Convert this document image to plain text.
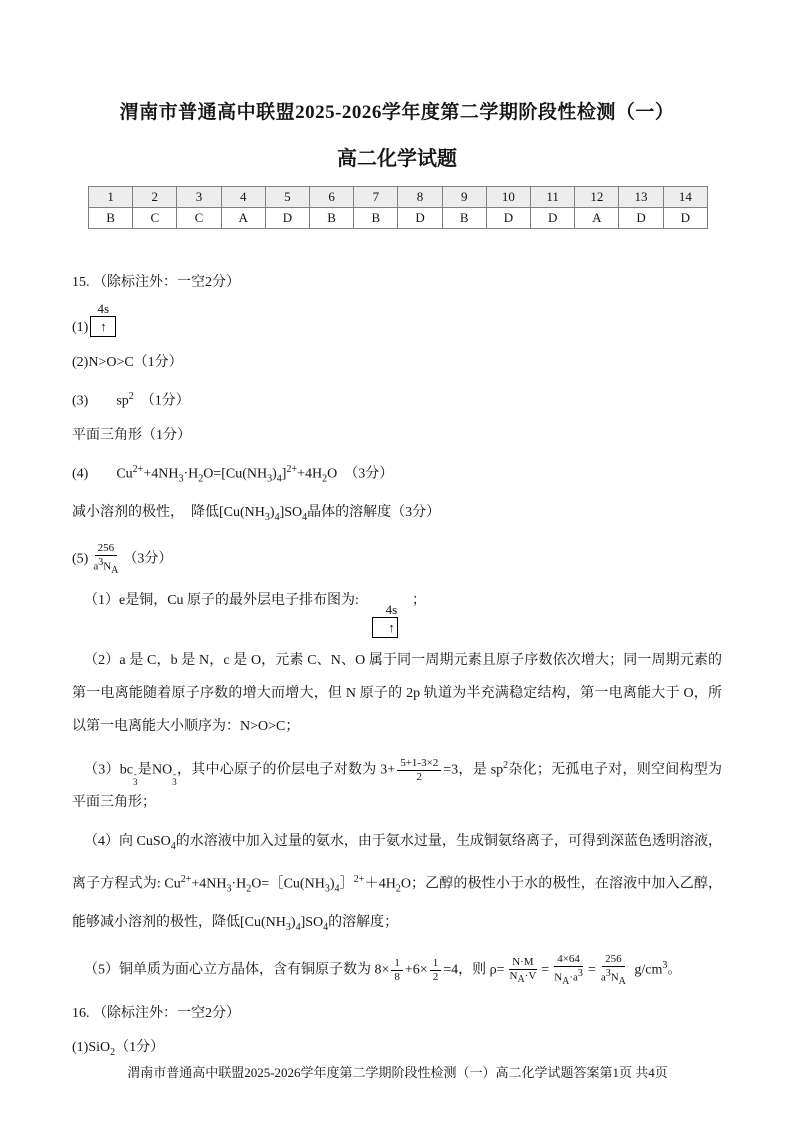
渭南市普通高中联盟2025-2026学年度第二学期阶段性检测（一）
高二化学试题
1	2	3	4	5	6	7	8	9	10	11	12	13	14
B	C	C	A	D	B	B	D	B	D	D	A	D	D

15. （除标注外：一空2分）

(1)
4s
↑

(2)N>O>C（1分）

(3)　　$sp^2$　（1分）

平面三角形（1分）

(4)　　$Cu^{2+}+4NH_3\cdot H_2O=[Cu(NH_3)_4]^{2+}+4H_2O$　（3分）

减小溶剂的极性，　降低$[Cu(NH_3)_4]SO_4$晶体的溶解度（3分）

$(5) \frac{256}{a^3N_A} (3$分）

（1）e是铜，Cu 原子的最外层电子排布图为:
4s
↑
；

（2）a 是 C，b 是 N，c 是 O，元素 C、N、O 属于同一周期元素且原子序数依次增大；同一周期元素的第一电离能随着原子序数的增大而增大，但 N 原子的 2p 轨道为半充满稳定结构，第一电离能大于 O，所以第一电离能大小顺序为：N>O>C；

（3）bc -
3
是NO -
3
，其中心原子的价层电子对数为 $3+ \frac{5+1-3\times 2}{2} =3$，是 $sp^2$杂化；无孤电子对，则空间构型为平面三角形；

（4）向 CuSO$_4$的水溶液中加入过量的氨水，由于氨水过量，生成铜氨络离子，可得到深蓝色透明溶液，离子方程式为: $Cu^{2+}+4NH_3\cdot H_2O=[Cu(NH_3)_4]^{2+}+4H_2O$；乙醇的极性小于水的极性，在溶液中加入乙醇，能够减小溶剂的极性，降低$[Cu(NH_3)_4]SO_4$的溶解度；

（5）铜单质为面心立方晶体，含有铜原子数为 $8\times \frac{1}{8} +6\times \frac{1}{2} =4$，则 $\rho= \frac{N\cdot M}{N_A\cdot V} = \frac{4\times 64}{N_A\cdot a^3} = \frac{256}{a^3N_A} g/cm^3$。

16. （除标注外：一空2分）

(1)SiO$_2$（1分）

渭南市普通高中联盟2025-2026学年度第二学期阶段性检测（一）高二化学试题答案第1页 共4页
